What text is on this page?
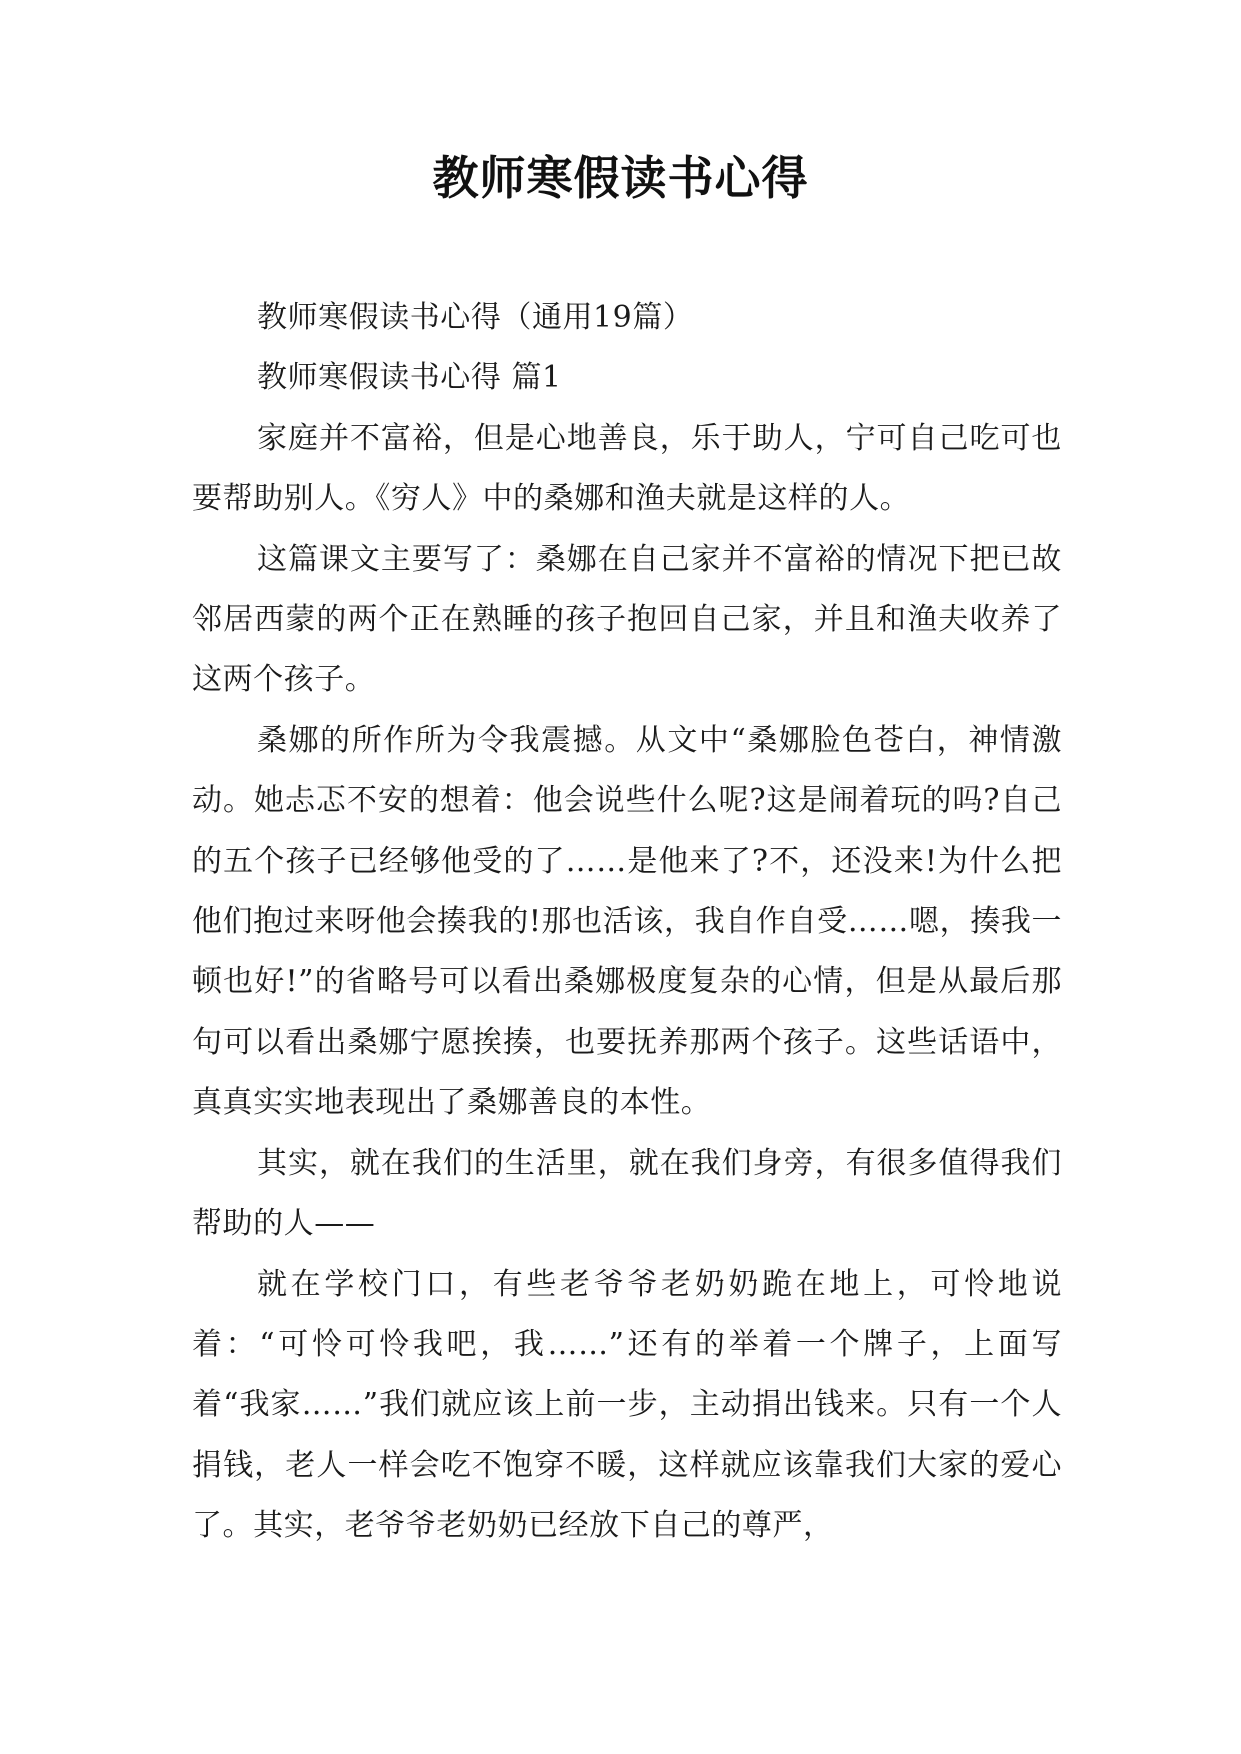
教师寒假读书心得

教师寒假读书心得（通用19篇）

教师寒假读书心得 篇1

家庭并不富裕，但是心地善良，乐于助人，宁可自己吃可也要帮助别人。《穷人》中的桑娜和渔夫就是这样的人。

这篇课文主要写了：桑娜在自己家并不富裕的情况下把已故邻居西蒙的两个正在熟睡的孩子抱回自己家，并且和渔夫收养了这两个孩子。

桑娜的所作所为令我震撼。从文中“桑娜脸色苍白，神情激动。她忐忑不安的想着：他会说些什么呢?这是闹着玩的吗?自己的五个孩子已经够他受的了……是他来了?不，还没来!为什么把他们抱过来呀他会揍我的!那也活该，我自作自受……嗯，揍我一顿也好!”的省略号可以看出桑娜极度复杂的心情，但是从最后那句可以看出桑娜宁愿挨揍，也要抚养那两个孩子。这些话语中，真真实实地表现出了桑娜善良的本性。

其实，就在我们的生活里，就在我们身旁，有很多值得我们帮助的人——

就在学校门口，有些老爷爷老奶奶跪在地上，可怜地说着：“可怜可怜我吧，我……”还有的举着一个牌子，上面写着“我家……”我们就应该上前一步，主动捐出钱来。只有一个人捐钱，老人一样会吃不饱穿不暖，这样就应该靠我们大家的爱心了。其实，老爷爷老奶奶已经放下自己的尊严，
